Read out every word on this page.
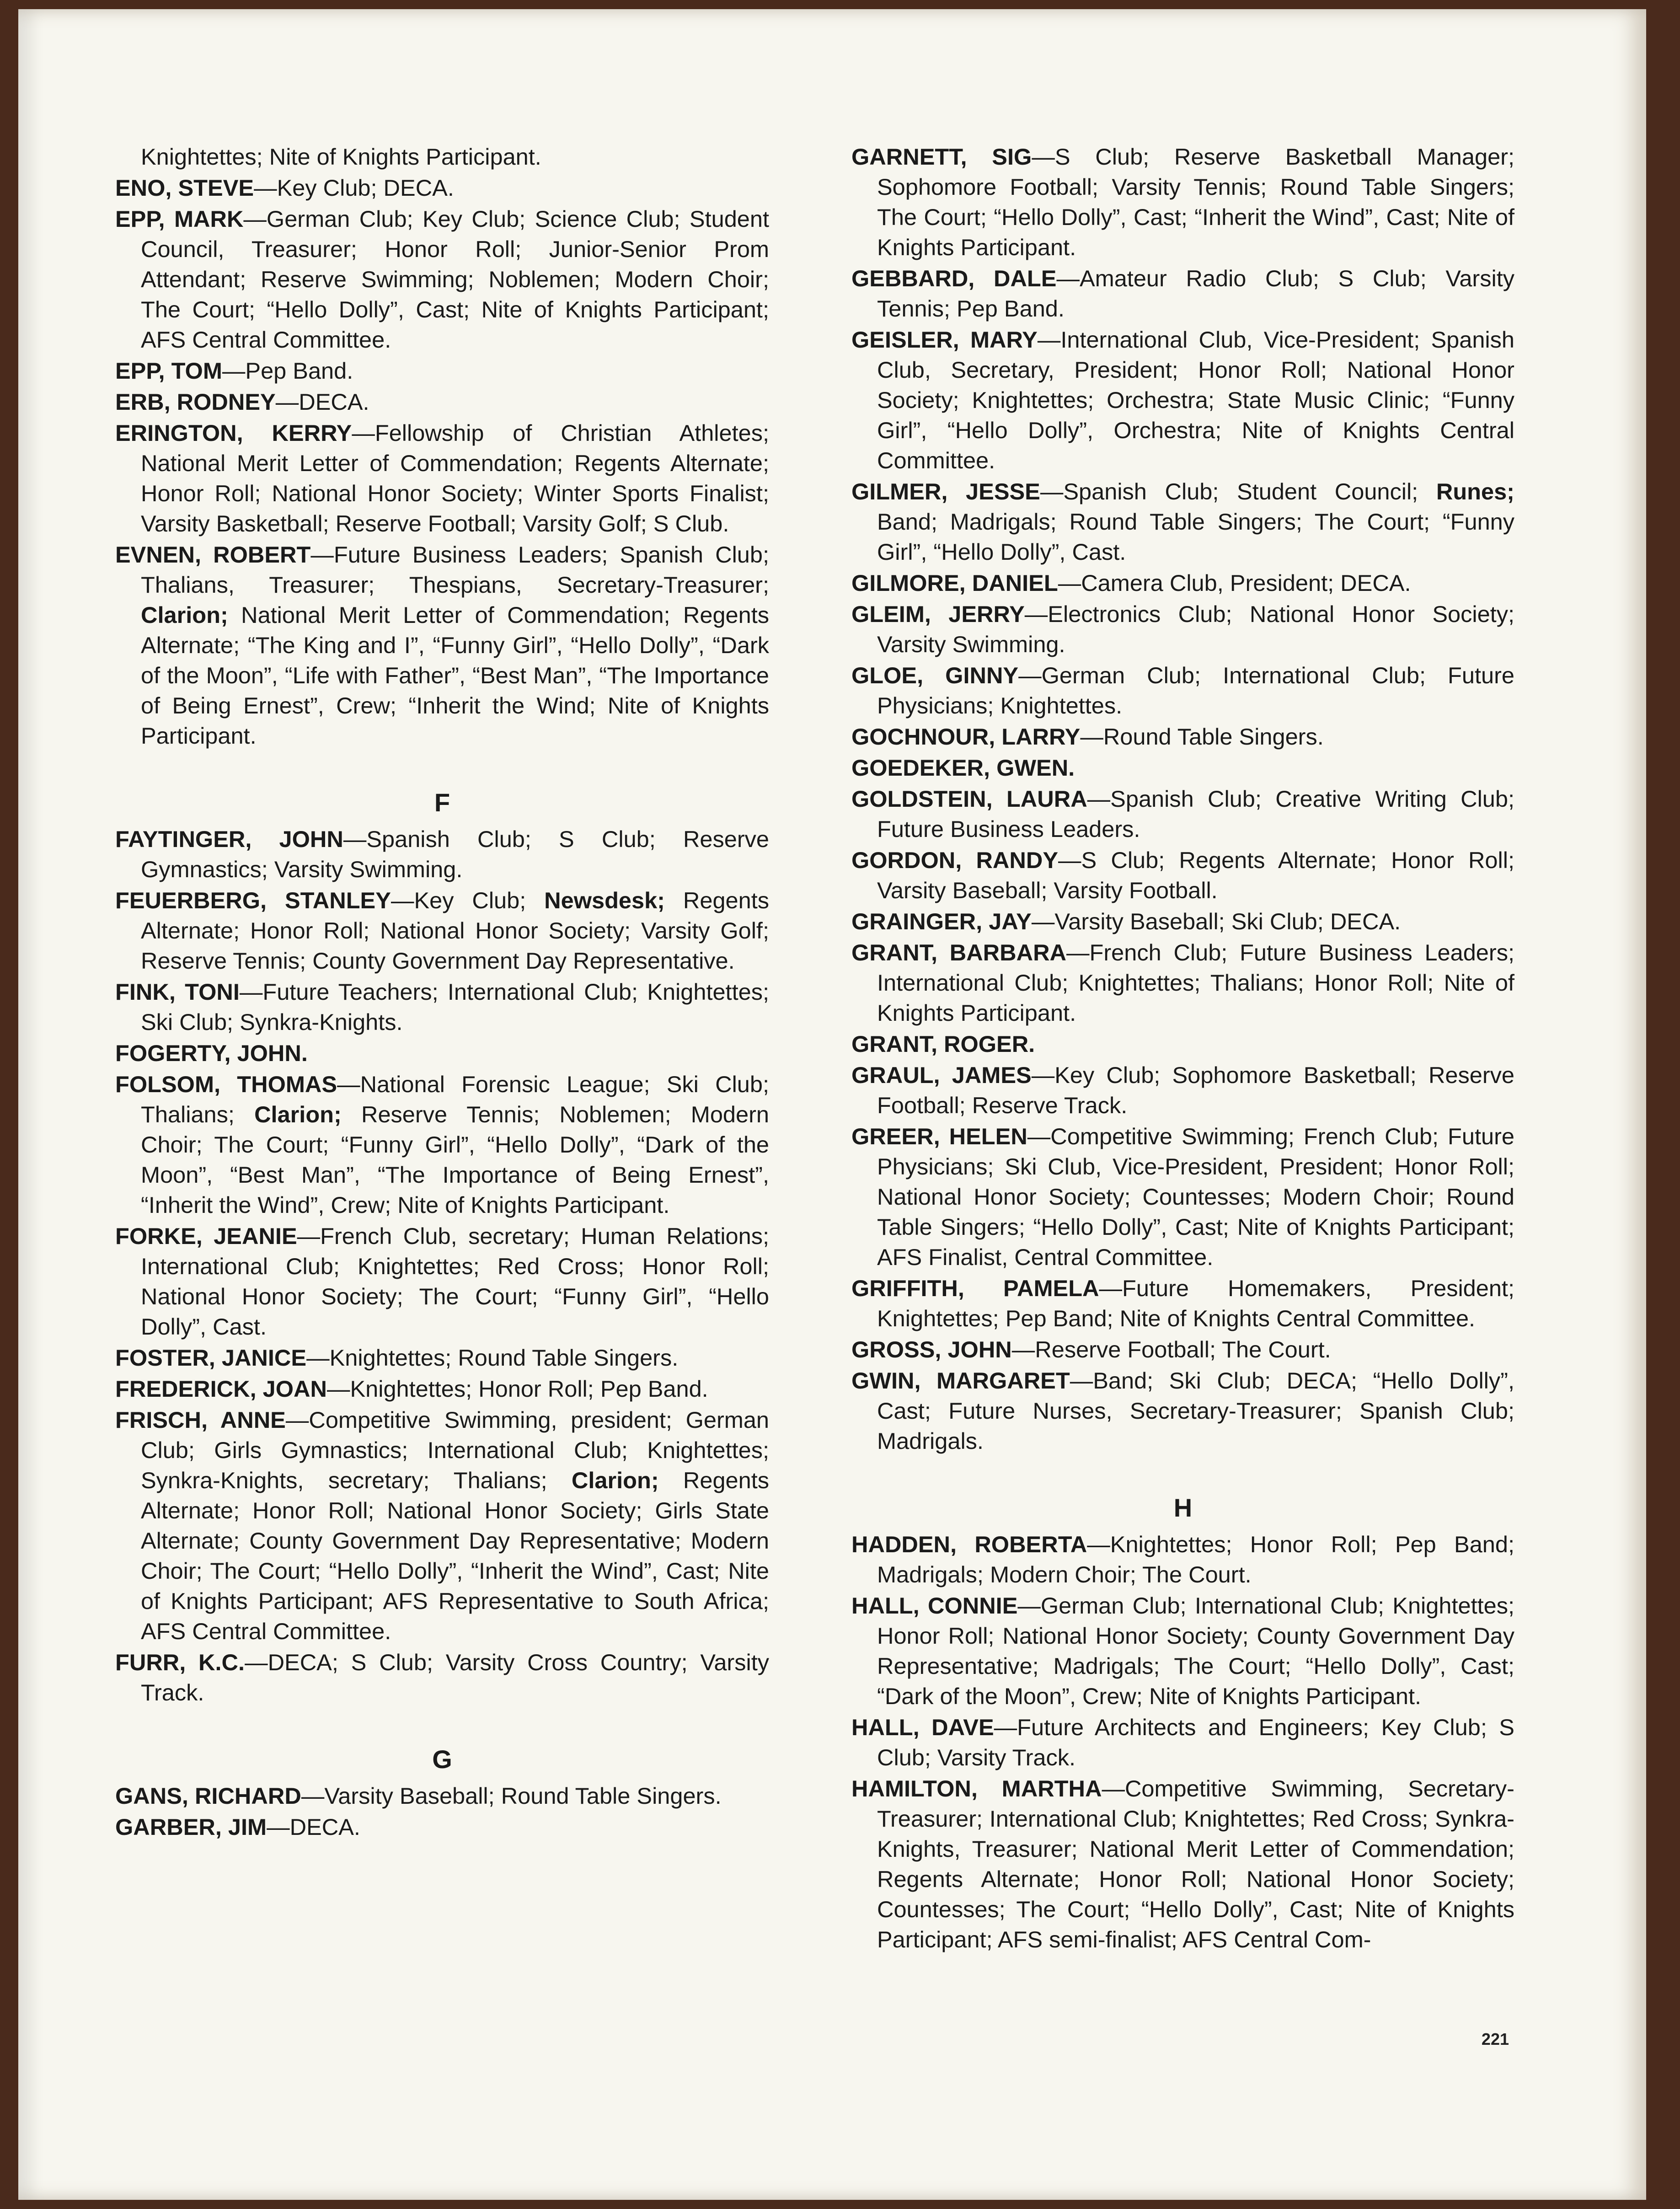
Knightettes; Nite of Knights Participant.

ENO, STEVE—Key Club; DECA.

EPP, MARK—German Club; Key Club; Science Club; Student Council, Treasurer; Honor Roll; Junior-Senior Prom Attendant; Reserve Swimming; Noblemen; Modern Choir; The Court; “Hello Dolly”, Cast; Nite of Knights Participant; AFS Central Committee.

EPP, TOM—Pep Band.

ERB, RODNEY—DECA.

ERINGTON, KERRY—Fellowship of Christian Athletes; National Merit Letter of Commendation; Regents Alternate; Honor Roll; National Honor Society; Winter Sports Finalist; Varsity Basketball; Reserve Football; Varsity Golf; S Club.

EVNEN, ROBERT—Future Business Leaders; Spanish Club; Thalians, Treasurer; Thespians, Secretary-Treasurer; Clarion; National Merit Letter of Commendation; Regents Alternate; “The King and I”, “Funny Girl”, “Hello Dolly”, “Dark of the Moon”, “Life with Father”, “Best Man”, “The Importance of Being Ernest”, Crew; “Inherit the Wind; Nite of Knights Participant.

F

FAYTINGER, JOHN—Spanish Club; S Club; Reserve Gymnastics; Varsity Swimming.

FEUERBERG, STANLEY—Key Club; Newsdesk; Regents Alternate; Honor Roll; National Honor Society; Varsity Golf; Reserve Tennis; County Government Day Representative.

FINK, TONI—Future Teachers; International Club; Knightettes; Ski Club; Synkra-Knights.

FOGERTY, JOHN.

FOLSOM, THOMAS—National Forensic League; Ski Club; Thalians; Clarion; Reserve Tennis; Noblemen; Modern Choir; The Court; “Funny Girl”, “Hello Dolly”, “Dark of the Moon”, “Best Man”, “The Importance of Being Ernest”, “Inherit the Wind”, Crew; Nite of Knights Participant.

FORKE, JEANIE—French Club, secretary; Human Relations; International Club; Knightettes; Red Cross; Honor Roll; National Honor Society; The Court; “Funny Girl”, “Hello Dolly”, Cast.

FOSTER, JANICE—Knightettes; Round Table Singers.

FREDERICK, JOAN—Knightettes; Honor Roll; Pep Band.

FRISCH, ANNE—Competitive Swimming, president; German Club; Girls Gymnastics; International Club; Knightettes; Synkra-Knights, secretary; Thalians; Clarion; Regents Alternate; Honor Roll; National Honor Society; Girls State Alternate; County Government Day Representative; Modern Choir; The Court; “Hello Dolly”, “Inherit the Wind”, Cast; Nite of Knights Participant; AFS Representative to South Africa; AFS Central Committee.

FURR, K.C.—DECA; S Club; Varsity Cross Country; Varsity Track.

G

GANS, RICHARD—Varsity Baseball; Round Table Singers.

GARBER, JIM—DECA.

GARNETT, SIG—S Club; Reserve Basketball Manager; Sophomore Football; Varsity Tennis; Round Table Singers; The Court; “Hello Dolly”, Cast; “Inherit the Wind”, Cast; Nite of Knights Participant.

GEBBARD, DALE—Amateur Radio Club; S Club; Varsity Tennis; Pep Band.

GEISLER, MARY—International Club, Vice-President; Spanish Club, Secretary, President; Honor Roll; National Honor Society; Knightettes; Orchestra; State Music Clinic; “Funny Girl”, “Hello Dolly”, Orchestra; Nite of Knights Central Committee.

GILMER, JESSE—Spanish Club; Student Council; Runes; Band; Madrigals; Round Table Singers; The Court; “Funny Girl”, “Hello Dolly”, Cast.

GILMORE, DANIEL—Camera Club, President; DECA.

GLEIM, JERRY—Electronics Club; National Honor Society; Varsity Swimming.

GLOE, GINNY—German Club; International Club; Future Physicians; Knightettes.

GOCHNOUR, LARRY—Round Table Singers.

GOEDEKER, GWEN.

GOLDSTEIN, LAURA—Spanish Club; Creative Writing Club; Future Business Leaders.

GORDON, RANDY—S Club; Regents Alternate; Honor Roll; Varsity Baseball; Varsity Football.

GRAINGER, JAY—Varsity Baseball; Ski Club; DECA.

GRANT, BARBARA—French Club; Future Business Leaders; International Club; Knightettes; Thalians; Honor Roll; Nite of Knights Participant.

GRANT, ROGER.

GRAUL, JAMES—Key Club; Sophomore Basketball; Reserve Football; Reserve Track.

GREER, HELEN—Competitive Swimming; French Club; Future Physicians; Ski Club, Vice-President, President; Honor Roll; National Honor Society; Countesses; Modern Choir; Round Table Singers; “Hello Dolly”, Cast; Nite of Knights Participant; AFS Finalist, Central Committee.

GRIFFITH, PAMELA—Future Homemakers, President; Knightettes; Pep Band; Nite of Knights Central Committee.

GROSS, JOHN—Reserve Football; The Court.

GWIN, MARGARET—Band; Ski Club; DECA; “Hello Dolly”, Cast; Future Nurses, Secretary-Treasurer; Spanish Club; Madrigals.

H

HADDEN, ROBERTA—Knightettes; Honor Roll; Pep Band; Madrigals; Modern Choir; The Court.

HALL, CONNIE—German Club; International Club; Knightettes; Honor Roll; National Honor Society; County Government Day Representative; Madrigals; The Court; “Hello Dolly”, Cast; “Dark of the Moon”, Crew; Nite of Knights Participant.

HALL, DAVE—Future Architects and Engineers; Key Club; S Club; Varsity Track.

HAMILTON, MARTHA—Competitive Swimming, Secretary-Treasurer; International Club; Knightettes; Red Cross; Synkra-Knights, Treasurer; National Merit Letter of Commendation; Regents Alternate; Honor Roll; National Honor Society; Countesses; The Court; “Hello Dolly”, Cast; Nite of Knights Participant; AFS semi-finalist; AFS Central Com-

221
